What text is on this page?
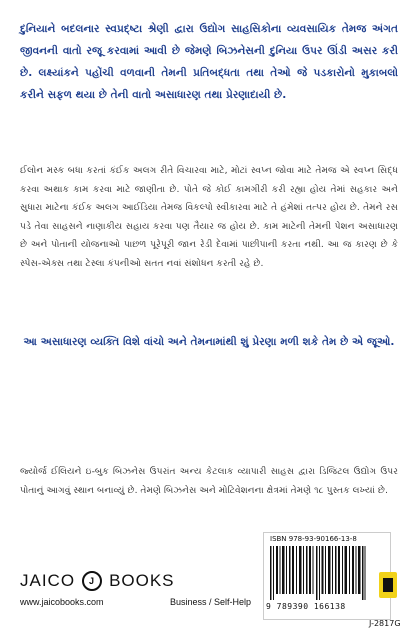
દુનિયાને બદલનાર સ્વપ્રદ્ષ્ટા શ્રેણી દ્વારા ઉદ્યોગ સાહસિકોના વ્યવસાયિક તેમજ અંગત જીવનની વાતો રજૂ કરવામાં આવી છે જેમણે બિઝનેસની દુનિયા ઉપર ઊંડી અસર કરી છે. લક્ષ્યાંકને પહોંચી વળવાની તેમની પ્રતિબદ્ધતા તથા તેઓ જે પડકારોનો મુકાબલો કરીને સફળ થયા છે તેની વાતો અસાધારણ તથા પ્રેરણાદાયી છે.
ઈલોન મસ્ક બધા કરતાં કંઈક અલગ રીતે વિચારવા માટે, મોટાં સ્વપ્ન જોવા માટે તેમજ એ સ્વપ્ન સિદ્ધ કરવા અથાક કામ કરવા માટે જાણીતા છે. પોતે જે કોઈ કામગીરી કરી રહ્યા હોય તેમાં સહકાર અને સુધારા માટેના કંઈક અલગ આઈડિયા તેમજ વિકલ્પો સ્વીકારવા માટે તે હંમેશાં તત્પર હોય છે. તેમને રસ પડે તેવા સાહસને નાણાકીય સહાય કરવા પણ તૈયાર જ હોય છે. કામ માટેની તેમની પેશન અસાધારણ છે અને પોતાની યોજનાઓ પાછળ પૂરેપૂરી જાન રેડી દેવામાં પાછીપાની કરતા નથી. આ જ કારણ છે કે સ્પેસ-એક્સ તથા ટેસ્લા કંપનીઓ સતત નવાં સંશોધન કરતી રહે છે.
આ અસાધારણ વ્યક્તિ વિશે વાંચો અને તેમનામાંથી શું પ્રેરણા મળી શકે તેમ છે એ જૂઓ.
જ્યોર્જ ઈલિયને ઇ-બુક બિઝનેસ ઉપરાંત અન્ય કેટલાક વ્યાપારી સાહસ દ્વારા ડિજિટલ ઉદ્યોગ ઉપર પોતાનું આગવું સ્થાન બનાવ્યું છે. તેમણે બિઝનેસ અને મોટિવેશનના ક્ષેત્રમાં તેમણે ૧૮ પુસ્તક લખ્યાં છે.
JAICO	J BOOKS
www.jaicobooks.com	Business / Self-Help
ISBN 978-93-90166-13-8
9 789390 166138
J-2817G
